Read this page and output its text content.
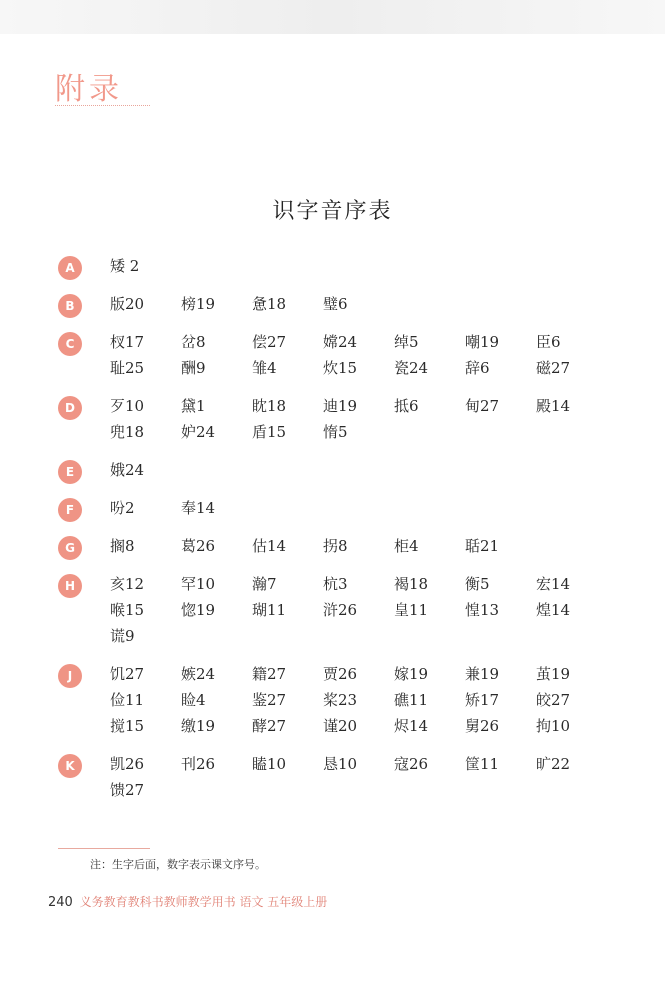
附录
识字音序表
A	矮 2
B	版20	榜19	惫18	璧6
C	杈17	岔8	偿27	嫦24	绰5	嘲19	臣6
耻25	酬9	雏4	炊15	瓷24	辞6	磁27
D	歹10	黛1	眈18	迪19	抵6	甸27	殿14
兜18	妒24	盾15	惰5
E	娥24
F	吩2	奉14
G	搁8	葛26	估14	拐8	柜4	聒21
H	亥12	罕10	瀚7	杭3	褐18	衡5	宏14
喉15	惚19	瑚11	浒26	皇11	惶13	煌14
谎9
J	饥27	嫉24	籍27	贾26	嫁19	兼19	茧19
俭11	睑4	鉴27	桨23	礁11	矫17	皎27
搅15	缴19	酵27	谨20	烬14	舅26	拘10
K	凯26	刊26	瞌10	恳10	寇26	筐11	旷22
馈27
注：生字后面，数字表示课文序号。
240 义务教育教科书教师教学用书 语文 五年级上册
